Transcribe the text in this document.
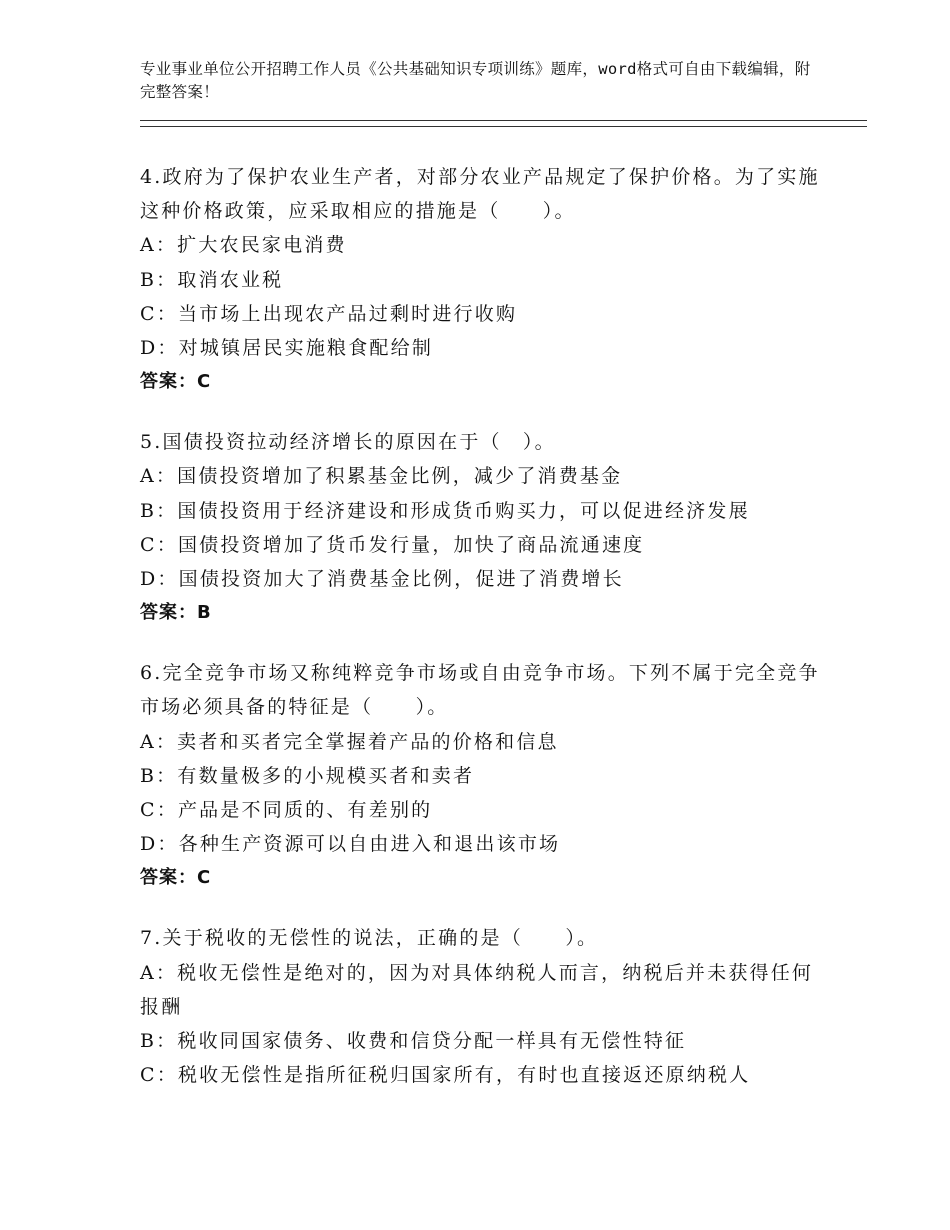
专业事业单位公开招聘工作人员《公共基础知识专项训练》题库，word格式可自由下载编辑，附完整答案！
4.政府为了保护农业生产者，对部分农业产品规定了保护价格。为了实施这种价格政策，应采取相应的措施是（　　）。
A：扩大农民家电消费
B：取消农业税
C：当市场上出现农产品过剩时进行收购
D：对城镇居民实施粮食配给制
答案：C
5.国债投资拉动经济增长的原因在于（　）。
A：国债投资增加了积累基金比例，减少了消费基金
B：国债投资用于经济建设和形成货币购买力，可以促进经济发展
C：国债投资增加了货币发行量，加快了商品流通速度
D：国债投资加大了消费基金比例，促进了消费增长
答案：B
6.完全竞争市场又称纯粹竞争市场或自由竞争市场。下列不属于完全竞争市场必须具备的特征是（　　）。
A：卖者和买者完全掌握着产品的价格和信息
B：有数量极多的小规模买者和卖者
C：产品是不同质的、有差别的
D：各种生产资源可以自由进入和退出该市场
答案：C
7.关于税收的无偿性的说法，正确的是（　　）。
A：税收无偿性是绝对的，因为对具体纳税人而言，纳税后并未获得任何报酬
B：税收同国家债务、收费和信贷分配一样具有无偿性特征
C：税收无偿性是指所征税归国家所有，有时也直接返还原纳税人
